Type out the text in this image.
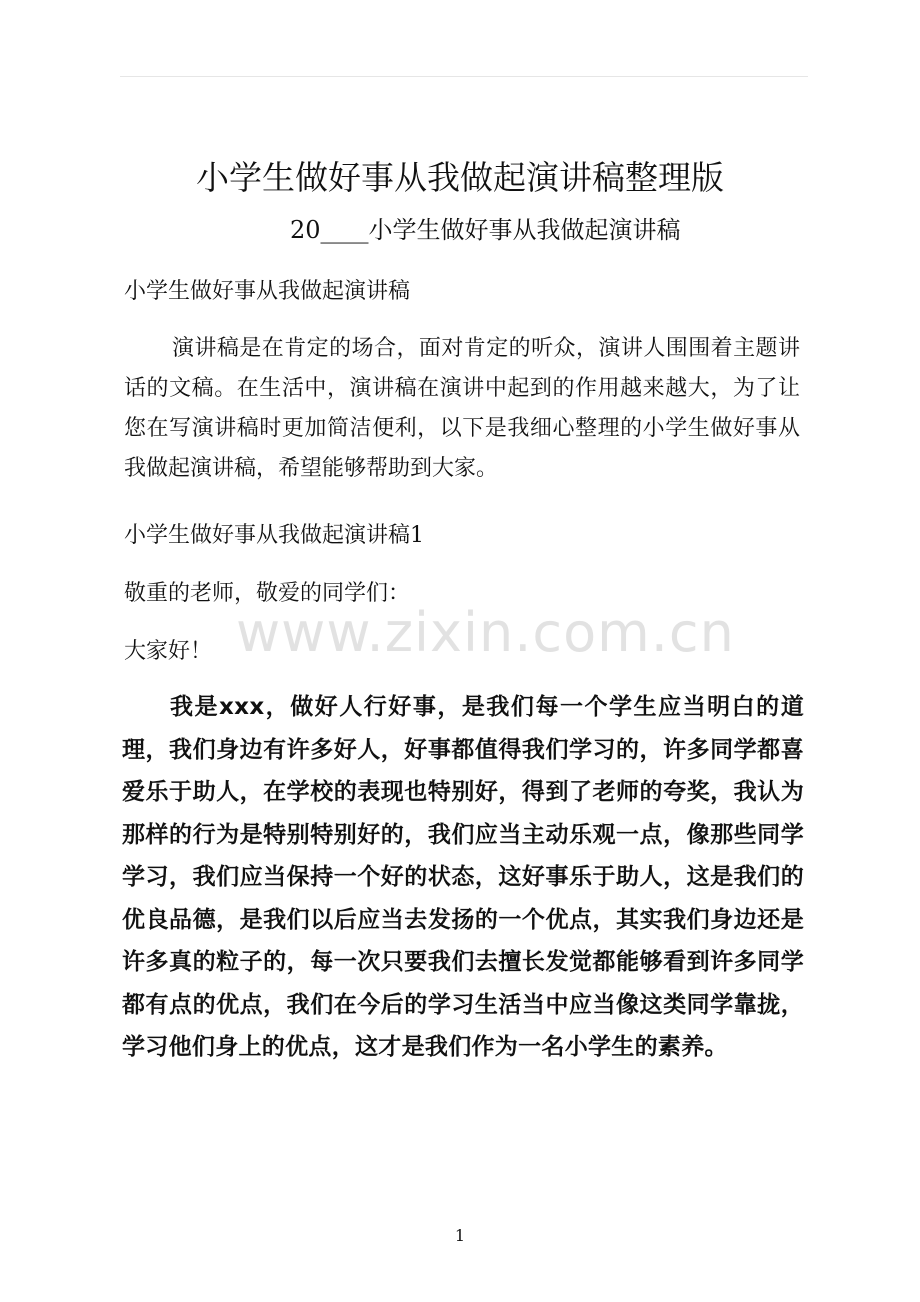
小学生做好事从我做起演讲稿整理版
20____小学生做好事从我做起演讲稿
小学生做好事从我做起演讲稿
演讲稿是在肯定的场合，面对肯定的听众，演讲人围围着主题讲话的文稿。在生活中，演讲稿在演讲中起到的作用越来越大，为了让您在写演讲稿时更加简洁便利，以下是我细心整理的小学生做好事从我做起演讲稿，希望能够帮助到大家。
小学生做好事从我做起演讲稿1
敬重的老师，敬爱的同学们：
大家好！
我是xxx，做好人行好事，是我们每一个学生应当明白的道理，我们身边有许多好人，好事都值得我们学习的，许多同学都喜爱乐于助人，在学校的表现也特别好，得到了老师的夸奖，我认为那样的行为是特别特别好的，我们应当主动乐观一点，像那些同学学习，我们应当保持一个好的状态，这好事乐于助人，这是我们的优良品德，是我们以后应当去发扬的一个优点，其实我们身边还是许多真的粒子的，每一次只要我们去擅长发觉都能够看到许多同学都有点的优点，我们在今后的学习生活当中应当像这类同学靠拢，学习他们身上的优点，这才是我们作为一名小学生的素养。
www.zixin.com.cn
1
